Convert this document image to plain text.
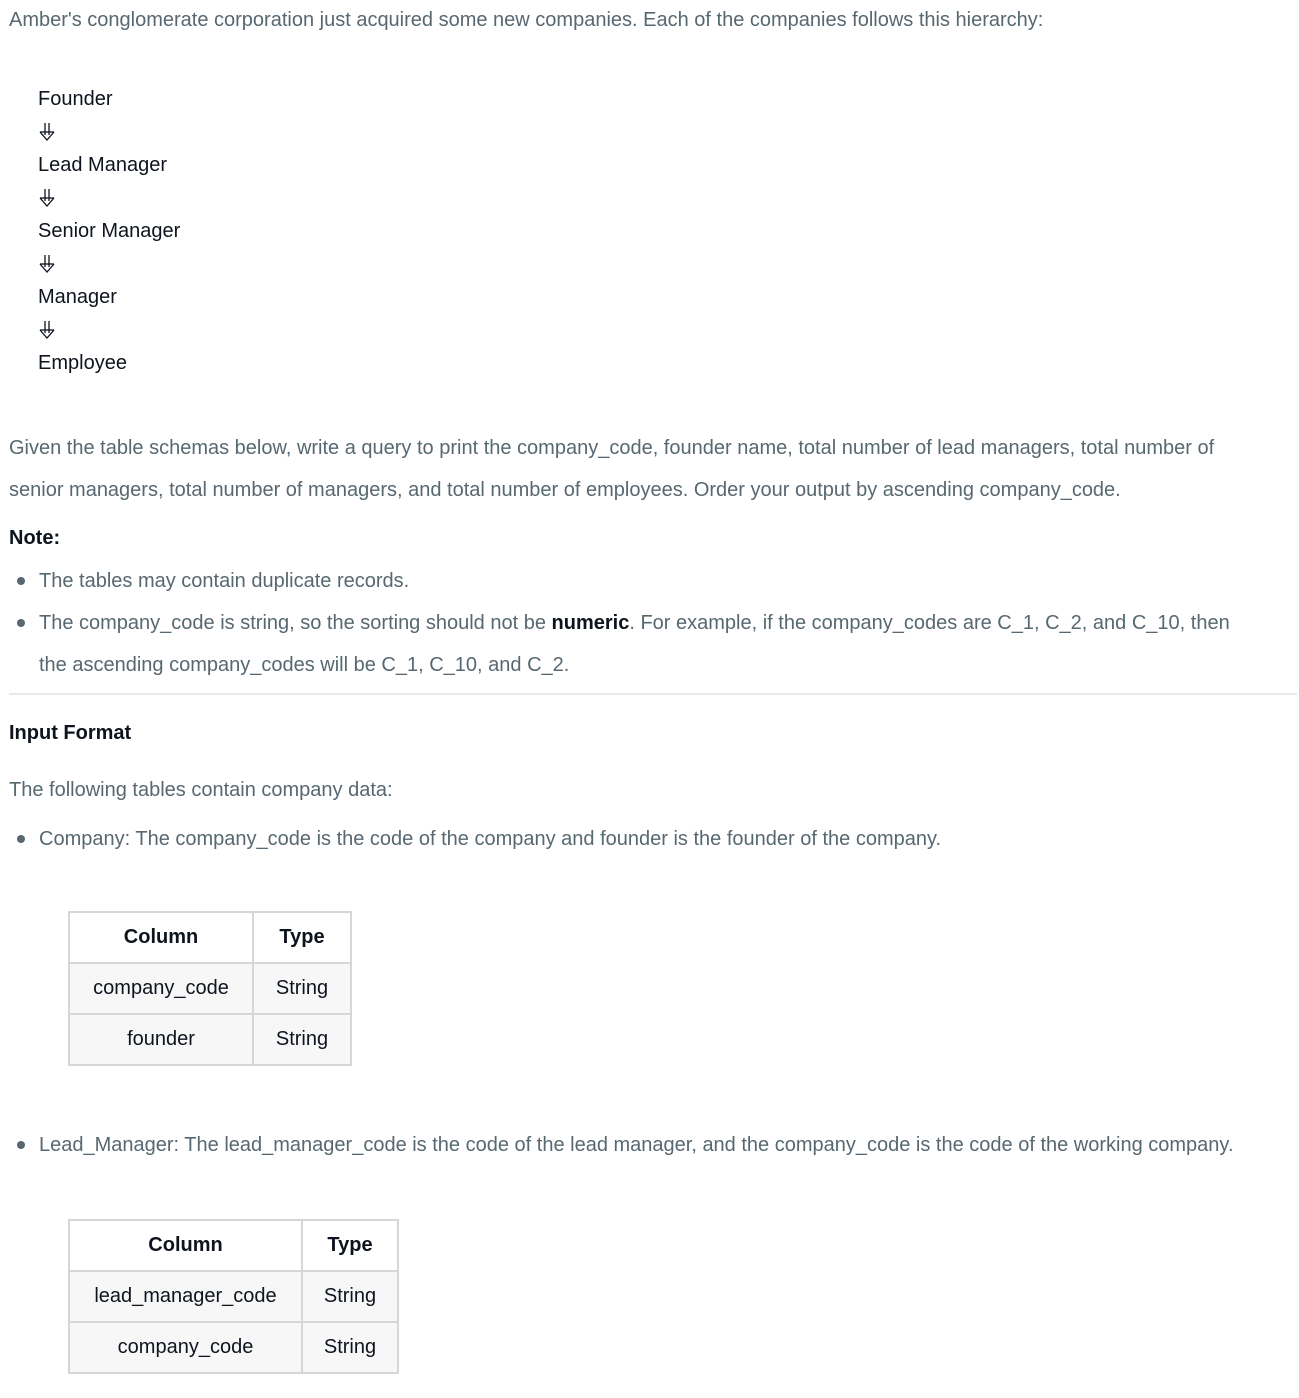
Amber's conglomerate corporation just acquired some new companies. Each of the companies follows this hierarchy:
Founder
Lead Manager
Senior Manager
Manager
Employee
Given the table schemas below, write a query to print the company_code, founder name, total number of lead managers, total number of
senior managers, total number of managers, and total number of employees. Order your output by ascending company_code.
Note:
The tables may contain duplicate records.
The company_code is string, so the sorting should not be numeric. For example, if the company_codes are C_1, C_2, and C_10, then
the ascending company_codes will be C_1, C_10, and C_2.
Input Format
The following tables contain company data:
Company: The company_code is the code of the company and founder is the founder of the company.
Column	Type
company_code	String
founder	String
Lead_Manager: The lead_manager_code is the code of the lead manager, and the company_code is the code of the working company.
Column	Type
lead_manager_code	String
company_code	String
